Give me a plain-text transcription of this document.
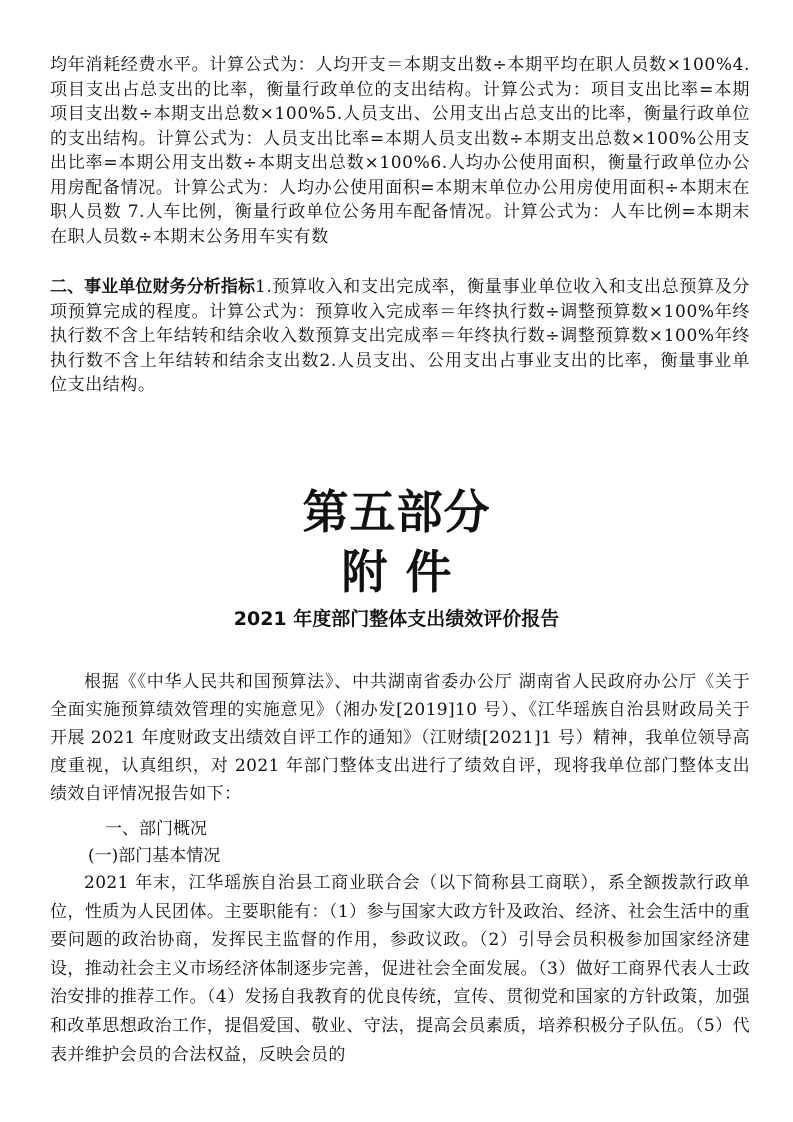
均年消耗经费水平。计算公式为：人均开支＝本期支出数÷本期平均在职人员数×100%4.项目支出占总支出的比率，衡量行政单位的支出结构。计算公式为：项目支出比率=本期项目支出数÷本期支出总数×100%5.人员支出、公用支出占总支出的比率，衡量行政单位的支出结构。计算公式为：人员支出比率=本期人员支出数÷本期支出总数×100%公用支出比率=本期公用支出数÷本期支出总数×100%6.人均办公使用面积，衡量行政单位办公用房配备情况。计算公式为：人均办公使用面积=本期末单位办公用房使用面积÷本期末在职人员数 7.人车比例，衡量行政单位公务用车配备情况。计算公式为：人车比例=本期末在职人员数÷本期末公务用车实有数

二、事业单位财务分析指标1.预算收入和支出完成率，衡量事业单位收入和支出总预算及分项预算完成的程度。计算公式为：预算收入完成率＝年终执行数÷调整预算数×100%年终执行数不含上年结转和结余收入数预算支出完成率＝年终执行数÷调整预算数×100%年终执行数不含上年结转和结余支出数2.人员支出、公用支出占事业支出的比率，衡量事业单位支出结构。

第五部分
附件
2021 年度部门整体支出绩效评价报告

根据《《中华人民共和国预算法》、中共湖南省委办公厅 湖南省人民政府办公厅《关于全面实施预算绩效管理的实施意见》（湘办发[2019]10 号）、《江华瑶族自治县财政局关于开展 2021 年度财政支出绩效自评工作的通知》（江财绩[2021]1 号）精神，我单位领导高度重视，认真组织，对 2021 年部门整体支出进行了绩效自评，现将我单位部门整体支出绩效自评情况报告如下：

一、部门概况

(一)部门基本情况

2021 年末，江华瑶族自治县工商业联合会（以下简称县工商联），系全额拨款行政单位，性质为人民团体。主要职能有：（1）参与国家大政方针及政治、经济、社会生活中的重要问题的政治协商，发挥民主监督的作用，参政议政。（2）引导会员积极参加国家经济建设，推动社会主义市场经济体制逐步完善，促进社会全面发展。（3）做好工商界代表人士政治安排的推荐工作。（4）发扬自我教育的优良传统，宣传、贯彻党和国家的方针政策，加强和改革思想政治工作，提倡爱国、敬业、守法，提高会员素质，培养积极分子队伍。（5）代表并维护会员的合法权益，反映会员的
